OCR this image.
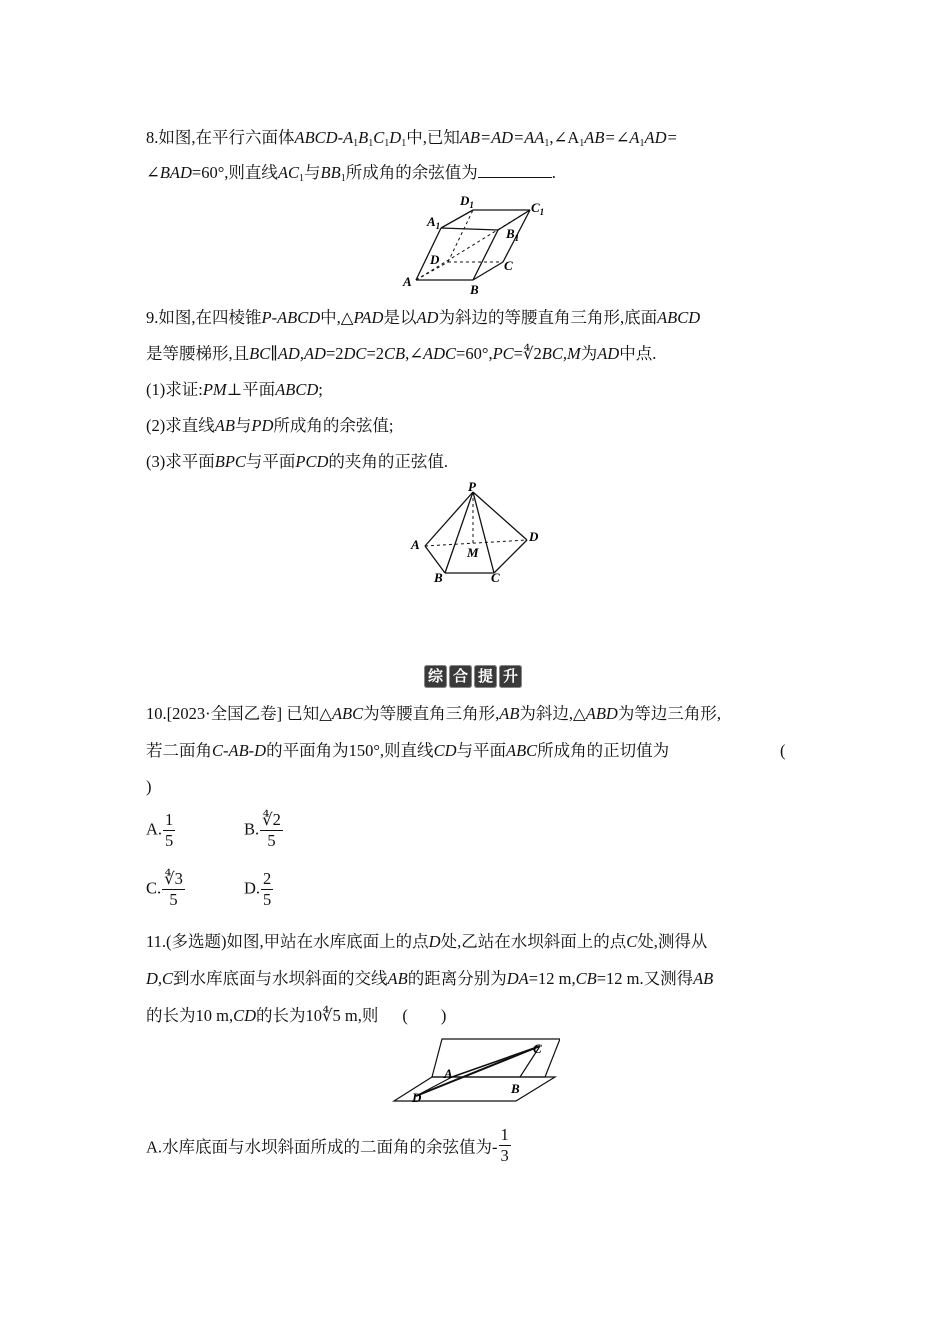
8.如图,在平行六面体ABCD-$A_1B_1C_1D_1$中,已知$AB=AD=AA_1,\angle A_1AB=\angle A_1AD=$
∠BAD=60°,则直线$AC_1$与$BB_1$所成角的余弦值为	.
$D_1$	$C_1$
$A_1$	$B_1$
D	C
A
B
9.如图,在四棱锥P-ABCD中,△PAD是以AD为斜边的等腰直角三角形,底面ABCD
是等腰梯形,且BC∥AD,AD=2DC=2CB,∠ADC=60°,PC=∜2BC,M为AD中点.
(1)求证:PM⊥平面ABCD;
(2)求直线AB与PD所成角的余弦值;
(3)求平面BPC与平面PCD的夹角的正弦值.
P
A
D
M
B	C
综 合 提 升
10.[2023·全国乙卷] 已知△ABC为等腰直角三角形,AB为斜边,△ABD为等边三角形,
若二面角C-AB-D的平面角为150°,则直线CD与平面ABC所成角的正切值为	(
)
A. $\frac{1}{5}$	B. $\frac{∜2}{5}$
C. $\frac{∜3}{5}$	D. $\frac{2}{5}$
11.(多选题)如图,甲站在水库底面上的点D处,乙站在水坝斜面上的点C处,测得从
D,C到水库底面与水坝斜面的交线AB的距离分别为DA=12 m,CB=12 m.又测得AB
的长为10 m,CD的长为10∜5 m,则 (　　)
A
B
C
D
A.水库底面与水坝斜面所成的二面角的余弦值为- $\frac{1}{3}$
